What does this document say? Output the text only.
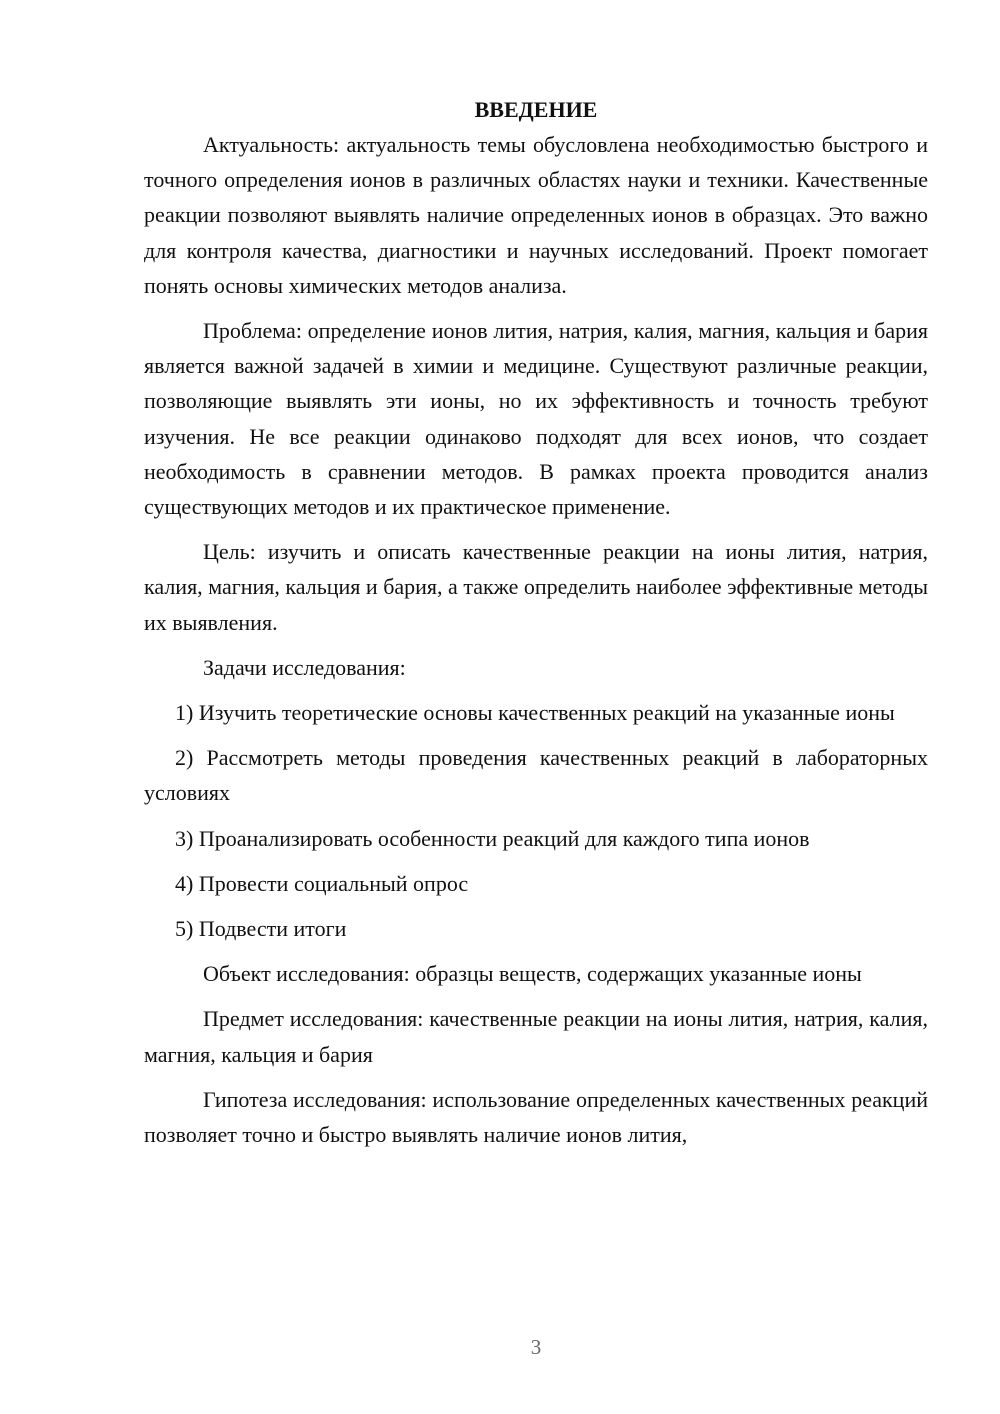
ВВЕДЕНИЕ

Актуальность: актуальность темы обусловлена необходимостью быстрого и точного определения ионов в различных областях науки и техники. Качественные реакции позволяют выявлять наличие определенных ионов в образцах. Это важно для контроля качества, диагностики и научных исследований. Проект помогает понять основы химических методов анализа.

Проблема: определение ионов лития, натрия, калия, магния, кальция и бария является важной задачей в химии и медицине. Существуют различные реакции, позволяющие выявлять эти ионы, но их эффективность и точность требуют изучения. Не все реакции одинаково подходят для всех ионов, что создает необходимость в сравнении методов. В рамках проекта проводится анализ существующих методов и их практическое применение.

Цель: изучить и описать качественные реакции на ионы лития, натрия, калия, магния, кальция и бария, а также определить наиболее эффективные методы их выявления.

Задачи исследования:

1) Изучить теоретические основы качественных реакций на указанные ионы

2) Рассмотреть методы проведения качественных реакций в лабораторных условиях

3) Проанализировать особенности реакций для каждого типа ионов

4) Провести социальный опрос

5) Подвести итоги

Объект исследования: образцы веществ, содержащих указанные ионы

Предмет исследования: качественные реакции на ионы лития, натрия, калия, магния, кальция и бария

Гипотеза исследования: использование определенных качественных реакций позволяет точно и быстро выявлять наличие ионов лития,

3
